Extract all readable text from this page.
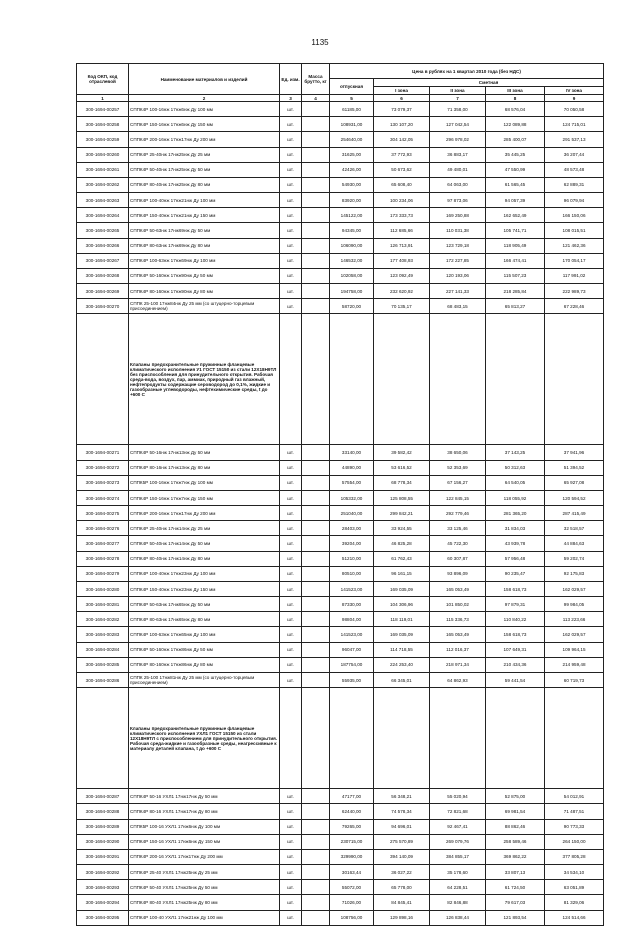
1135
Код ОКП, код отраслевой	Наименование материалов и изделий	Ед. изм.	Масса брутто, кг	Цена в рублях на 1 квартал 2010 года (без НДС)				
				отпускная	Сметная			
					I зона	II зона	III зона	IV зона
1	2	3	4	5	6	7	8	9
300-1694-00257	СППК4Р 100-16нж 17нж6нж Ду 100 мм	шт.		61185,00	73 079,37	71 358,00	68 576,04	70 050,58
300-1694-00258	СППК4Р 150-16нж 17нж6нж Ду 150 мм	шт.		108931,00	130 107,20	127 042,54	122 089,88	124 715,01
300-1694-00259	СППК4Р 200-16нж 17нж17нж Ду 200 мм	шт.		254640,00	304 142,05	296 978,02	285 400,07	291 537,13
300-1694-00260	СППК4Р 25-40нж 17нж25нж Ду 25 мм	шт.		31625,00	37 772,93	36 883,17	35 445,25	36 207,44
300-1694-00261	СППК4Р 50-40нж 17нж25нж Ду 50 мм	шт.		42426,00	50 673,62	49 480,01	47 550,99	48 573,48
300-1694-00262	СППК4Р 80-40нж 17нж25нж Ду 80 мм	шт.		54930,00	65 608,40	64 063,00	61 565,45	62 889,31
300-1694-00263	СППК4Р 100-40нж 17нж21нж Ду 100 мм	шт.		83920,00	100 234,06	97 873,06	94 057,39	96 079,94
300-1694-00264	СППК4Р 150-40нж 17нж21нж Ду 150 мм	шт.		145122,00	173 333,73	169 250,88	162 652,49	166 150,06
300-1694-00265	СППК4Р 50-63нж 17нж69нж Ду 50 мм	шт.		94345,00	112 685,66	110 031,38	105 741,71	108 015,51
300-1694-00266	СППК4Р 80-63нж 17нж69нж Ду 80 мм	шт.		106090,00	126 713,91	123 729,18	118 905,49	121 462,36
300-1694-00267	СППК4Р 100-63нж 17нж69нж Ду 100 мм	шт.		146532,00	177 408,93	172 227,85	166 474,41	170 054,17
300-1694-00268	СППК4Р 50-160нж 17нж90нж Ду 50 мм	шт.		102058,00	123 092,49	120 193,06	115 507,23	117 991,02
300-1694-00269	СППК4Р 80-160нж 17нж90нж Ду 80 мм	шт.		194758,00	232 620,92	227 141,33	218 285,84	222 989,73
300-1694-00270	СППК 25-100 17нж84нж Ду 25 мм (со штуцерно-торцевым присоединением)	шт.		58720,00	70 135,17	68 483,15	65 813,27	67 228,46
	Клапаны предохранительные пружинные фланцевые климатического исполнения У1 ГОСТ 15150 из стали 12Х18Н9ТЛ без приспособления для принудительного открытия. Рабочая среда-вода, воздух, пар, аммиак, природный газ влажный, нефтепродукты содержащие сероводород до 0,1%, жидкие и газообразные углеводороды, нефтехимические среды, t до +600 С							
300-1694-00271	СППК4Р 50-16нж 17нж13нж Ду 50 мм	шт.		33140,00	39 582,42	38 650,06	37 143,25	37 941,96
300-1694-00272	СППК4Р 80-16нж 17нж13нж Ду 80 мм	шт.		44890,00	53 616,52	52 353,69	50 312,63	51 394,52
300-1694-00273	СППК5Р 100-16нж 17нж7нж Ду 100 мм	шт.		57554,00	68 778,34	67 156,27	64 540,05	65 927,08
300-1694-00274	СППК4Р 150-16нж 17нж7нж Ду 150 мм	шт.		105332,00	125 808,55	122 845,15	118 055,92	120 594,52
300-1694-00275	СППК4Р 200-16нж 17нж17нж Ду 200 мм	шт.		251040,00	299 842,21	292 779,46	281 365,20	287 415,49
300-1694-00276	СППК4Р 25-40нж 17нж14нж Ду 25 мм	шт.		28403,00	33 924,55	33 125,46	31 834,03	32 518,57
300-1694-00277	СППК4Р 50-40нж 17нж14нж Ду 50 мм	шт.		39204,00	46 825,28	45 722,30	43 939,78	44 884,63
300-1694-00278	СППК4Р 80-40нж 17нж14нж Ду 80 мм	шт.		51210,00	61 762,43	60 307,87	57 956,48	59 202,74
300-1694-00279	СППК4Р 100-40нж 17нж23нж Ду 100 мм	шт.		80510,00	96 161,15	93 896,09	90 235,47	92 175,83
300-1694-00280	СППК4Р 150-40нж 17нж23нж Ду 150 мм	шт.		141523,00	169 035,09	165 053,49	158 618,73	162 029,57
300-1694-00281	СППК4Р 50-63нж 17нж65нж Ду 50 мм	шт.		87330,00	104 306,96	101 850,02	97 879,31	99 984,05
300-1694-00282	СППК4Р 80-63нж 17нж65нж Ду 80 мм	шт.		98804,00	118 119,01	115 336,73	110 840,22	113 223,66
300-1694-00283	СППК4Р 100-63нж 17нж65нж Ду 100 мм	шт.		141523,00	169 035,09	165 053,49	158 618,73	162 029,57
300-1694-00284	СППК4Р 50-160нж 17нж86нж Ду 50 мм	шт.		96047,00	114 718,55	112 016,37	107 649,31	109 964,15
300-1694-00285	СППК4Р 80-160нж 17нж86нж Ду 80 мм	шт.		187754,00	224 253,40	218 971,34	210 434,36	214 959,48
300-1694-00286	СППК 25-100 17нж81нж Ду 25 мм (со штуцерно-торцевым присоединением)	шт.		55935,00	66 345,01	64 862,93	59 441,54	60 719,73
	Клапаны предохранительные пружинные фланцевые климатического исполнения УХЛ1 ГОСТ 15150 из стали 12Х18Н9ТЛ с приспособлением для принудительного открытия. Рабочая среда-жидкие и газообразные среды, неагрессивные к материалу деталей клапана, t до +600 С							
300-1694-00287	СППК4Р 50-16 УХЛ1 17нж17нж Ду 50 мм	шт.		47177,00	56 348,21	55 020,94	52 875,00	54 012,91
300-1694-00288	СППК4Р 80-16 УХЛ1 17нж17нж Ду 80 мм	шт.		62440,00	74 578,34	72 821,68	69 981,54	71 487,51
300-1694-00289	СППК5Р 100-16 УХЛ1 17нж6нж Ду 100 мм	шт.		79265,00	94 696,01	92 467,41	88 862,46	90 773,33
300-1694-00290	СППК4Р 150-16 УХЛ1 17нж6нж Ду 150 мм	шт.		230715,00	275 570,89	269 079,76	258 589,46	264 150,00
300-1694-00291	СППК4Р 200-16 УХЛ1 17нж17нж Ду 200 мм	шт.		329990,00	394 140,09	384 855,17	369 862,22	377 805,28
300-1694-00292	СППК4Р 25-40 УХЛ1 17нж25нж Ду 25 мм	шт.		30163,44	36 027,22	35 178,60	33 807,13	34 534,10
300-1694-00293	СППК4Р 50-40 УХЛ1 17нж25нж Ду 50 мм	шт.		55072,00	65 778,00	64 228,51	61 724,50	63 051,89
300-1694-00294	СППК4Р 80-40 УХЛ1 17нж25нж Ду 80 мм	шт.		71026,00	84 845,41	82 846,88	79 617,03	81 329,06
300-1694-00295	СППК4Р 100-40 УХЛ1 17нж21нж Ду 100 мм	шт.		108756,00	129 898,16	126 838,44	121 893,54	124 514,66
